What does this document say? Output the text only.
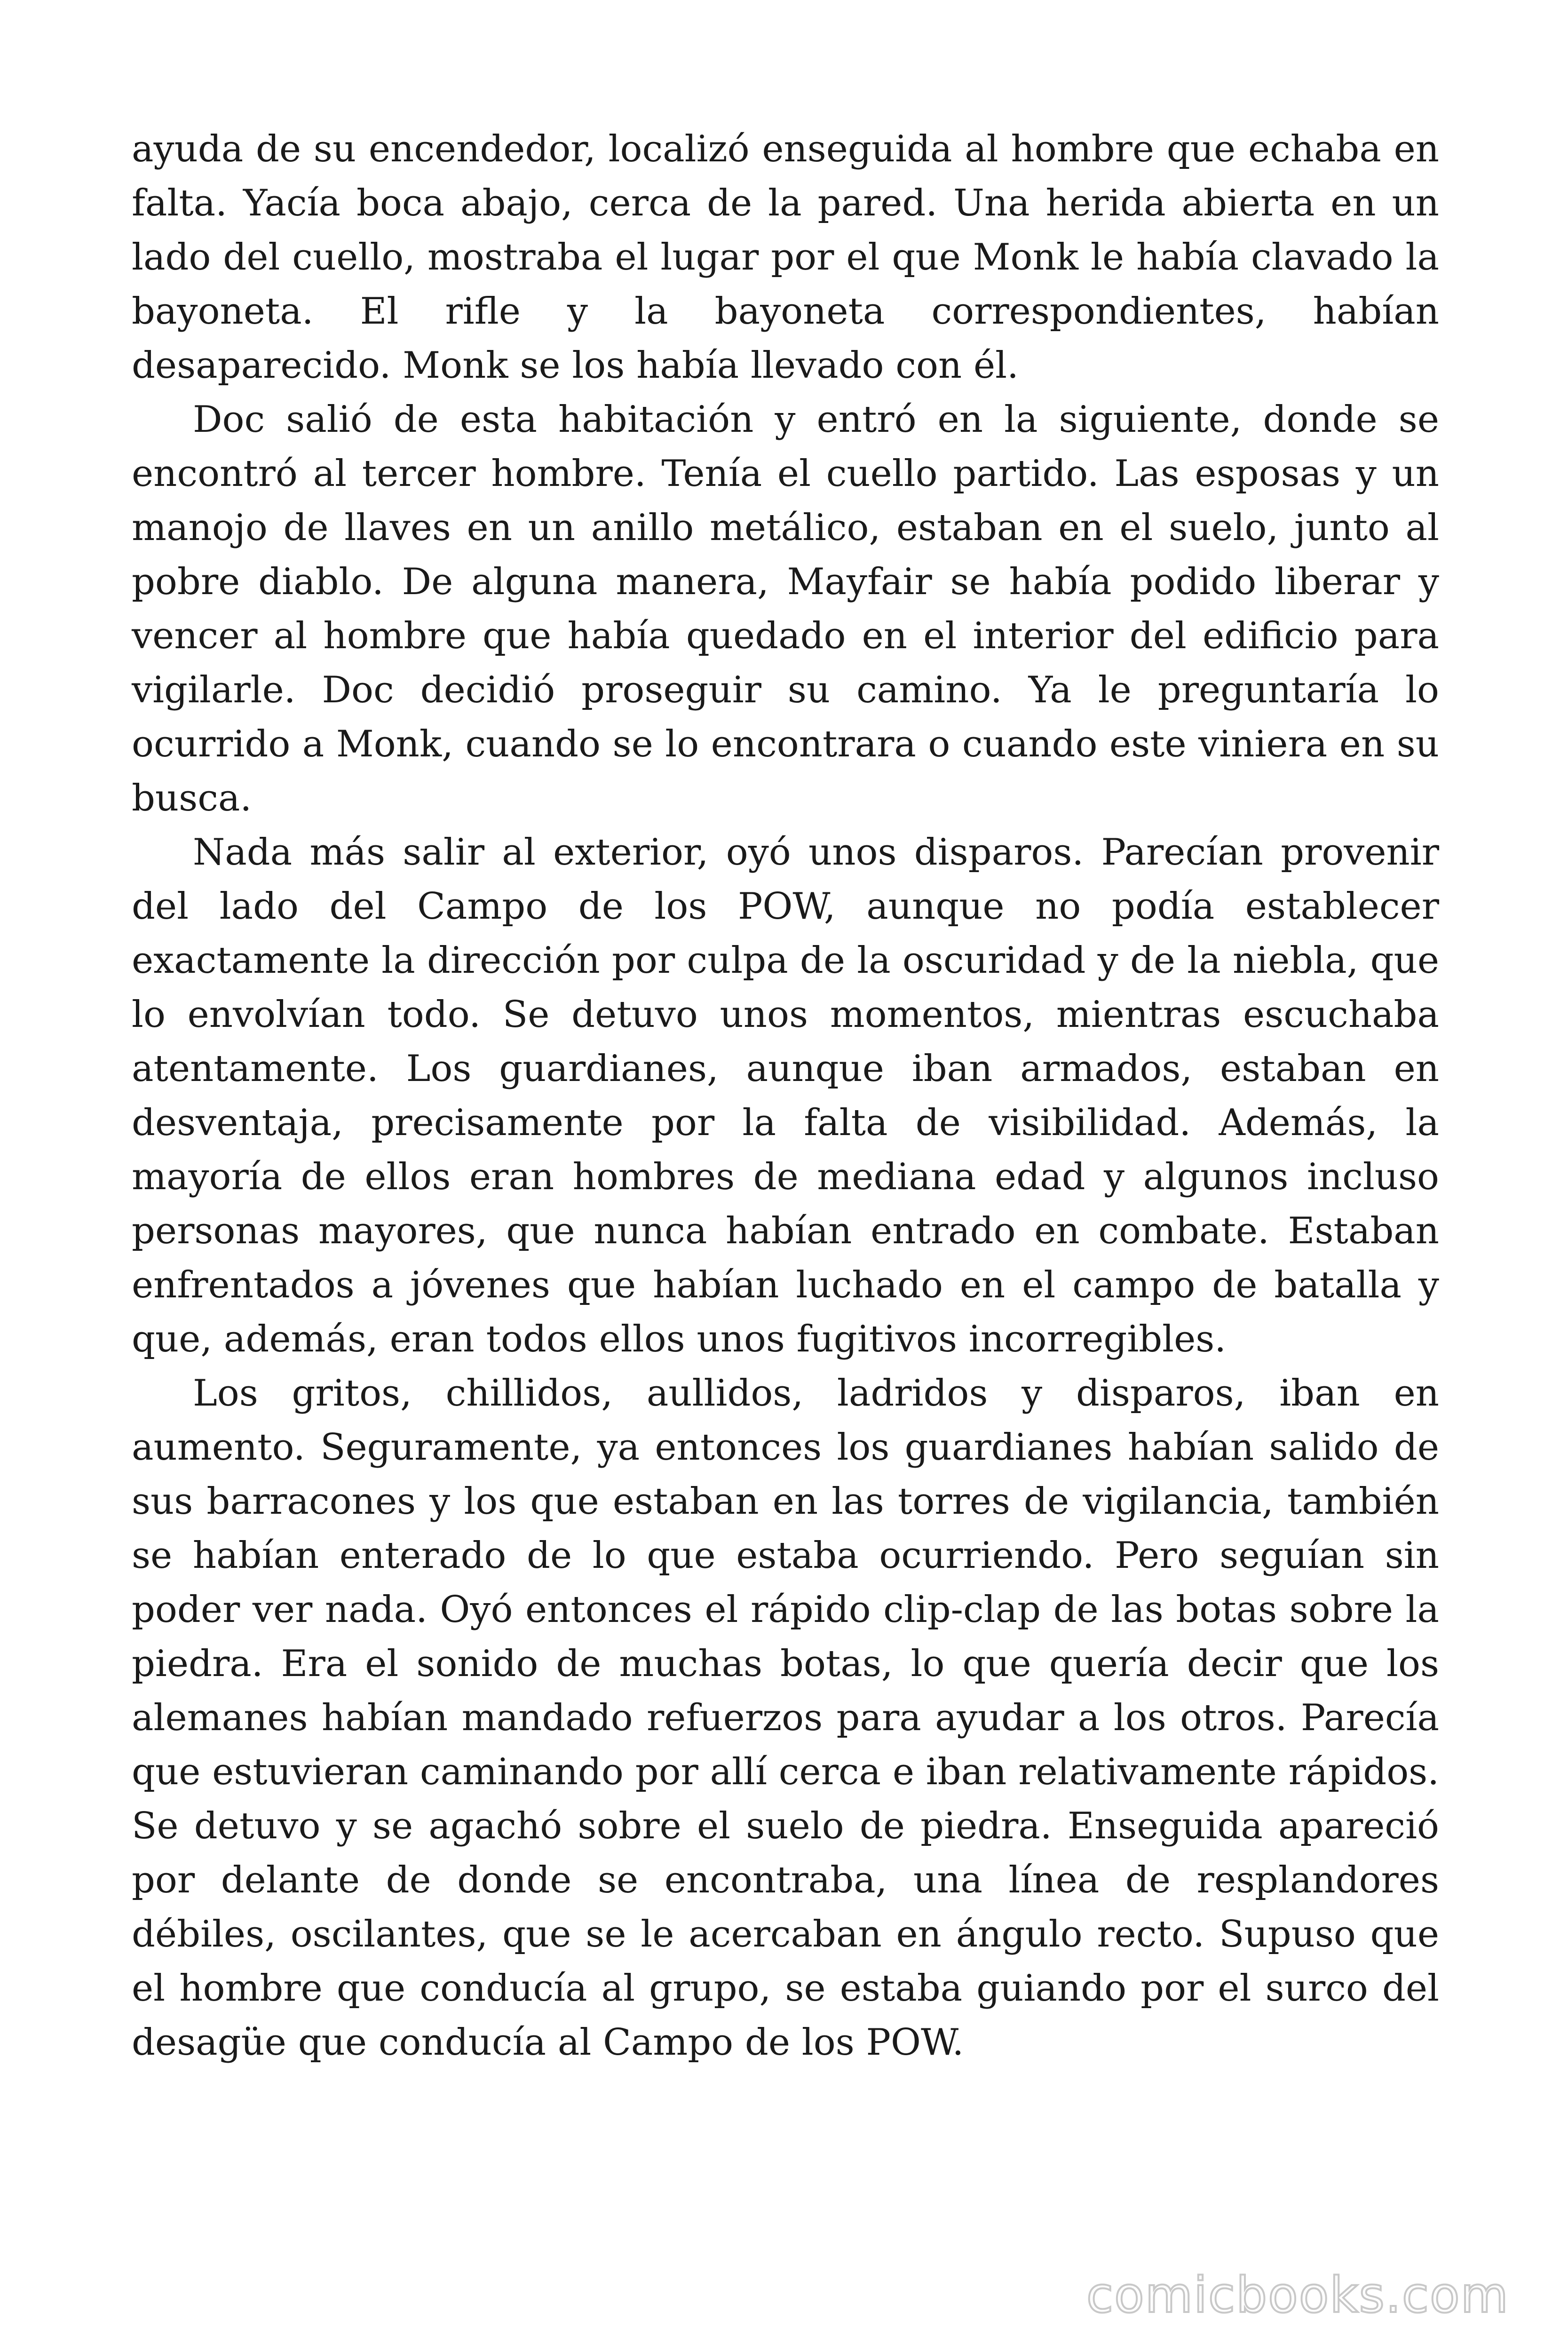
ayuda de su encendedor, localizó enseguida al hombre que echaba en falta. Yacía boca abajo, cerca de la pared. Una herida abierta en un lado del cuello, mostraba el lugar por el que Monk le había clavado la bayoneta. El rifle y la bayoneta correspondientes, habían desaparecido. Monk se los había llevado con él.

Doc salió de esta habitación y entró en la siguiente, donde se encontró al tercer hombre. Tenía el cuello partido. Las esposas y un manojo de llaves en un anillo metálico, estaban en el suelo, junto al pobre diablo. De alguna manera, Mayfair se había podido liberar y vencer al hombre que había quedado en el interior del edificio para vigilarle. Doc decidió proseguir su camino. Ya le preguntaría lo ocurrido a Monk, cuando se lo encontrara o cuando este viniera en su busca.

Nada más salir al exterior, oyó unos disparos. Parecían provenir del lado del Campo de los POW, aunque no podía establecer exactamente la dirección por culpa de la oscuridad y de la niebla, que lo envolvían todo. Se detuvo unos momentos, mientras escuchaba atentamente. Los guardianes, aunque iban armados, estaban en desventaja, precisamente por la falta de visibilidad. Además, la mayoría de ellos eran hombres de mediana edad y algunos incluso personas mayores, que nunca habían entrado en combate. Estaban enfrentados a jóvenes que habían luchado en el campo de batalla y que, además, eran todos ellos unos fugitivos incorregibles.

Los gritos, chillidos, aullidos, ladridos y disparos, iban en aumento. Seguramente, ya entonces los guardianes habían salido de sus barracones y los que estaban en las torres de vigilancia, también se habían enterado de lo que estaba ocurriendo. Pero seguían sin poder ver nada. Oyó entonces el rápido clip-clap de las botas sobre la piedra. Era el sonido de muchas botas, lo que quería decir que los alemanes habían mandado refuerzos para ayudar a los otros. Parecía que estuvieran caminando por allí cerca e iban relativamente rápidos. Se detuvo y se agachó sobre el suelo de piedra. Enseguida apareció por delante de donde se encontraba, una línea de resplandores débiles, oscilantes, que se le acercaban en ángulo recto. Supuso que el hombre que conducía al grupo, se estaba guiando por el surco del desagüe que conducía al Campo de los POW.

comicbooks.com
